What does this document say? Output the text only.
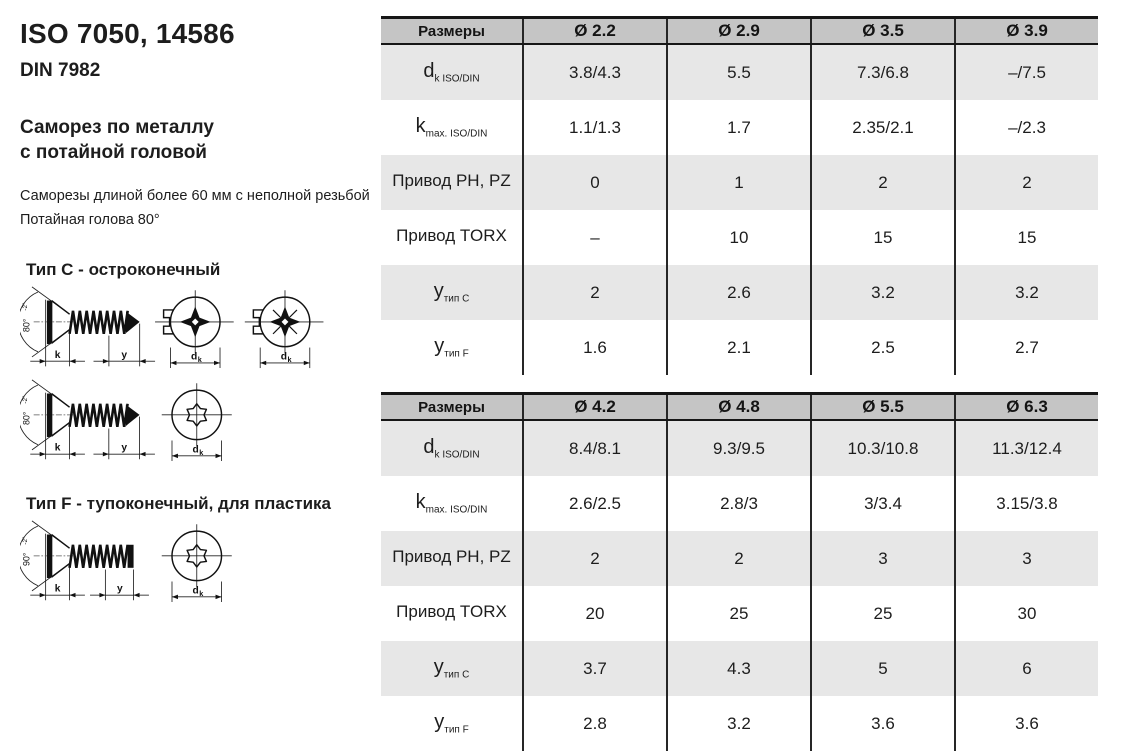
ISO 7050, 14586
DIN 7982
Саморез по металлу
с потайной головой

Саморезы длиной более 60 мм с неполной резьбой

Потайная голова 80°

Тип C - остроконечный
80°
-2°
k	y	d k	d k
80°
-2°
k	y	d k
Тип F - тупоконечный, для пластика
90°
-2°
k	y	d k
Размеры	Ø 2.2	Ø 2.9	Ø 3.5	Ø 3.9
$d_{k ISO/DIN}$	3.8/4.3	5.5	7.3/6.8	–/7.5
$k_{max. ISO/DIN}$	1.1/1.3	1.7	2.35/2.1	–/2.3
Привод PH, PZ	0	1	2	2
Привод TORX	–	10	15	15
$y_{тип C}$	2	2.6	3.2	3.2
$y_{тип F}$	1.6	2.1	2.5	2.7
Размеры	Ø 4.2	Ø 4.8	Ø 5.5	Ø 6.3
$d_{k ISO/DIN}$	8.4/8.1	9.3/9.5	10.3/10.8	11.3/12.4
$k_{max. ISO/DIN}$	2.6/2.5	2.8/3	3/3.4	3.15/3.8
Привод PH, PZ	2	2	3	3
Привод TORX	20	25	25	30
$y_{тип C}$	3.7	4.3	5	6
$y_{тип F}$	2.8	3.2	3.6	3.6
